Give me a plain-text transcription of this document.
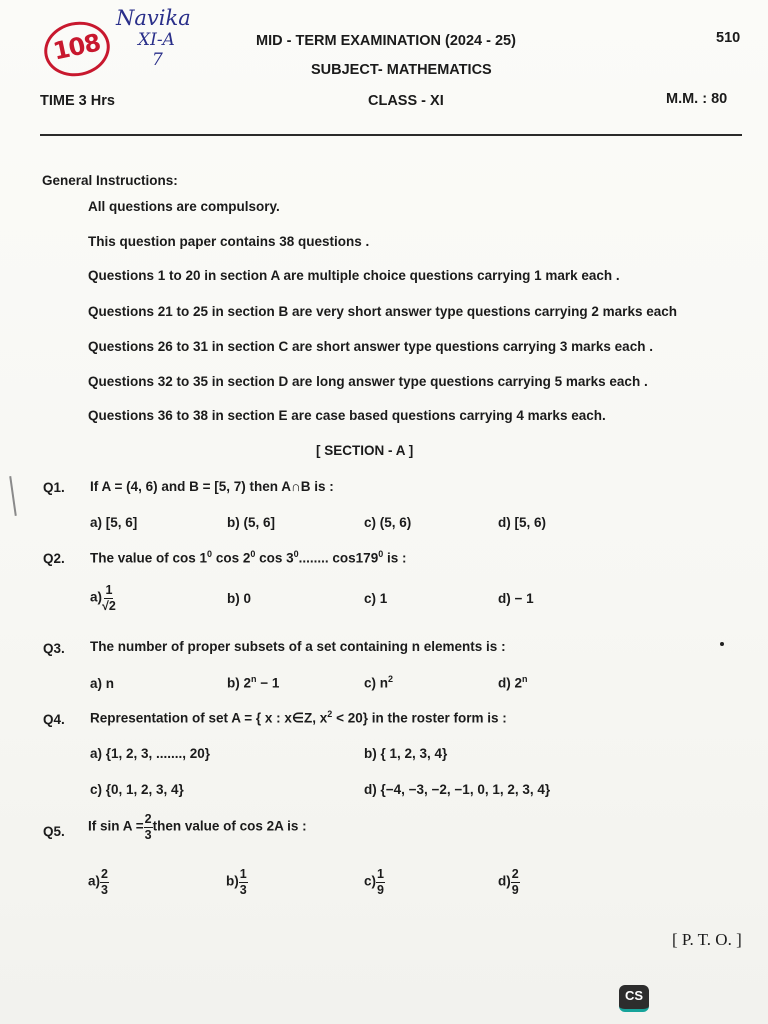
108
Navika
XI-A
7
MID - TERM EXAMINATION (2024 - 25)	510
SUBJECT- MATHEMATICS
TIME 3 Hrs	CLASS - XI	M.M. : 80
General Instructions:
All questions are compulsory.
This question paper contains 38 questions .
Questions 1 to 20 in section A are multiple choice questions carrying 1 mark each .
Questions 21 to 25 in section B are very short answer type questions carrying 2 marks each
Questions 26 to 31 in section C are short answer type questions carrying 3 marks each .
Questions 32 to 35 in section D are long answer type questions carrying 5 marks each .
Questions 36 to 38 in section E are case based questions carrying 4 marks each.
[ SECTION - A ]
Q1. If A = (4, 6) and B = [5, 7) then A∩B is :
a) [5, 6]	b) (5, 6]	c) (5, 6)	d) [5, 6)
Q2. The value of $\cos 1^0$ $\cos 2^0$ $\cos 3^0$........ $\cos 179^0$ is :
$a) \frac{1}{√2}$	b) 0	c) 1	d) − 1
Q3. The number of proper subsets of a set containing n elements is :
a) n	b) $2^n - 1$	c) $n^2$	d) 2$^n$
Q4. Representation of set A = { x : x∈Z, $x^2 < 20$} in the roster form is :
a) {1, 2, 3, ......., 20}	b) { 1, 2, 3, 4}
c) {0, 1, 2, 3, 4}	d) {−4, −3, −2, −1, 0, 1, 2, 3, 4}
Q5. If $\sin A = \frac{2}{3}$ then value of cos 2A is :
$a) \frac{2}{3}$	$b) \frac{1}{3}$	$c) \frac{1}{9}$	$d) \frac{2}{9}$
[ P. T. O. ]
CS
